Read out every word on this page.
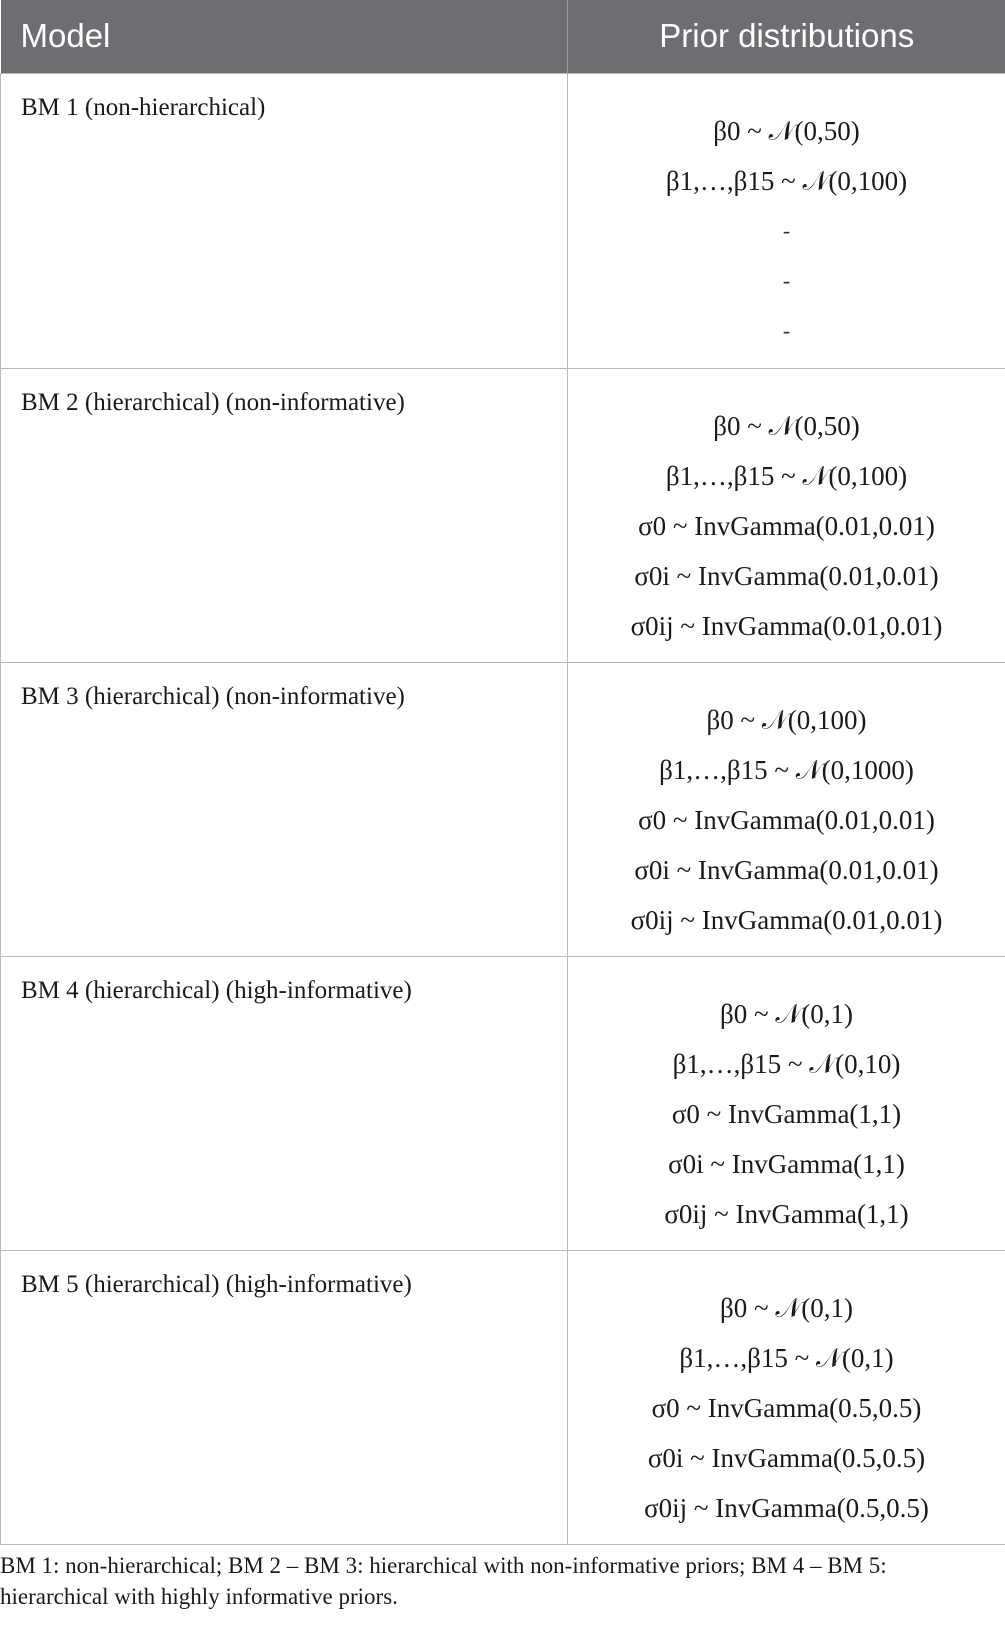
Model	Prior distributions
BM 1 (non-hierarchical)	β0 ~ 𝒩(0,50)
β1,…,β15 ~ 𝒩(0,100)
-
-
-

BM 2 (hierarchical) (non-informative)	β0 ~ 𝒩(0,50)
β1,…,β15 ~ 𝒩(0,100)
σ0 ~ InvGamma(0.01,0.01)
σ0i ~ InvGamma(0.01,0.01)
σ0ij ~ InvGamma(0.01,0.01)

BM 3 (hierarchical) (non-informative)	β0 ~ 𝒩(0,100)
β1,…,β15 ~ 𝒩(0,1000)
σ0 ~ InvGamma(0.01,0.01)
σ0i ~ InvGamma(0.01,0.01)
σ0ij ~ InvGamma(0.01,0.01)

BM 4 (hierarchical) (high-informative)	β0 ~ 𝒩(0,1)
β1,…,β15 ~ 𝒩(0,10)
σ0 ~ InvGamma(1,1)
σ0i ~ InvGamma(1,1)
σ0ij ~ InvGamma(1,1)

BM 5 (hierarchical) (high-informative)	β0 ~ 𝒩(0,1)
β1,…,β15 ~ 𝒩(0,1)
σ0 ~ InvGamma(0.5,0.5)
σ0i ~ InvGamma(0.5,0.5)
σ0ij ~ InvGamma(0.5,0.5)
BM 1: non-hierarchical; BM 2 – BM 3: hierarchical with non-informative priors; BM 4 – BM 5: hierarchical with highly informative priors.
